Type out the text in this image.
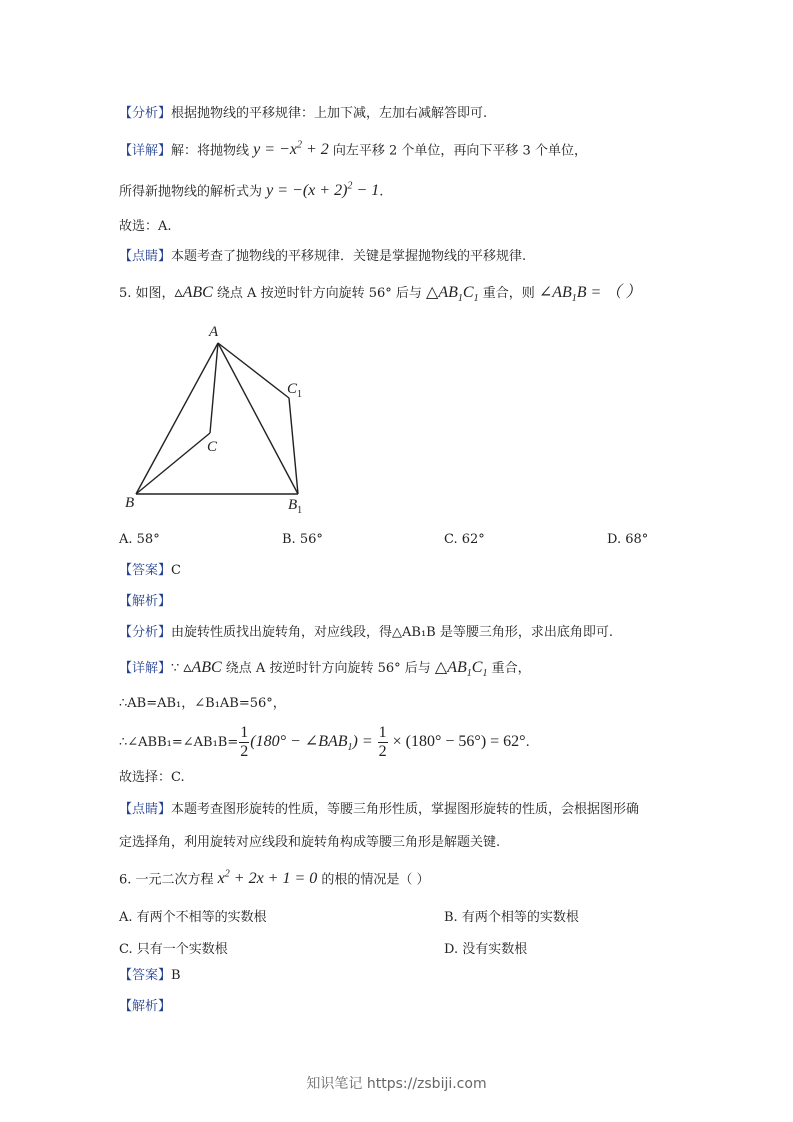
【分析】根据抛物线的平移规律：上加下减，左加右减解答即可.
【详解】解：将抛物线 $y = -x^2 + 2$ 向左平移 2 个单位，再向下平移 3 个单位，
所得新抛物线的解析式为 $y = -(x + 2)^2 - 1$.
故选：A.
【点睛】本题考查了抛物线的平移规律．关键是掌握抛物线的平移规律.
5. 如图，▵ABC 绕点 A 按逆时针方向旋转 56° 后与 $\triangle AB_1C_1$ 重合，则 $\angle AB_1B$ = （ ）
A
C
B
$C_1$
$B_1$
A. 58°	B. 56°	C. 62°	D. 68°
【答案】C
【解析】
【分析】由旋转性质找出旋转角，对应线段，得△AB₁B 是等腰三角形，求出底角即可.
【详解】∵ ▵ABC 绕点 A 按逆时针方向旋转 56° 后与 $\triangle AB_1C_1$ 重合，
∴AB=AB₁，∠B₁AB=56°，
∴∠ABB₁=∠AB₁B= $\frac{1}{2} (180^\circ$ − $\angle BAB_1) = \frac{1}{2} \times (180^\circ - 56^\circ) = 62^\circ$.
故选择：C.
【点睛】本题考查图形旋转的性质，等腰三角形性质，掌握图形旋转的性质，会根据图形确
定选择角，利用旋转对应线段和旋转角构成等腰三角形是解题关键.
6. 一元二次方程 $x^2 + 2x + 1 = 0$ 的根的情况是（ ）
A. 有两个不相等的实数根	B. 有两个相等的实数根
C. 只有一个实数根	D. 没有实数根
【答案】B
【解析】
知识笔记 https://zsbiji.com
